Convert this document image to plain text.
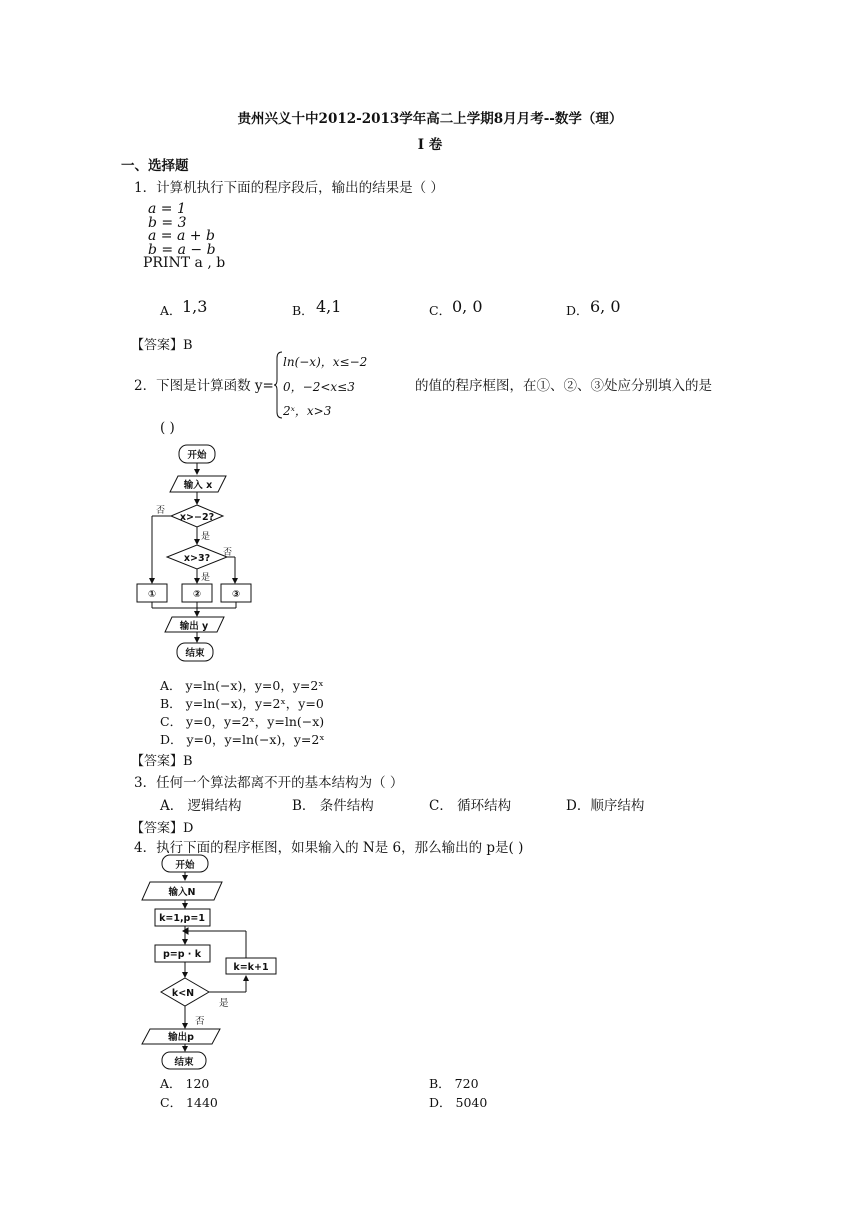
贵州兴义十中2012-2013学年高二上学期8月月考--数学（理）
I 卷
一、选择题
1．计算机执行下面的程序段后，输出的结果是（ ）
a = 1
b = 3
a = a + b
b = a − b
PRINT a , b
A． 1,3	B． 4,1	C． 0, 0	D． 6, 0
【答案】B
2．下图是计算函数 y=
ln(−x)，x≤−2
0，−2<x≤3
2ˣ，x>3
的值的程序框图，在①、②、③处应分别填入的是
( )
开始
输入 x
x>−2?
x>3?
①	②	③
输出 y
结束
否
是
否
是
A． y=ln(−x)，y=0，y=2ˣ
B． y=ln(−x)，y=2ˣ，y=0
C． y=0，y=2ˣ，y=ln(−x)
D． y=0，y=ln(−x)，y=2ˣ
【答案】B
3．任何一个算法都离不开的基本结构为（ ）
A． 逻辑结构	B． 条件结构	C． 循环结构	D．顺序结构
【答案】D
4．执行下面的程序框图，如果输入的 N是 6，那么输出的 p是( )
开始
输入N
k=1,p=1
p=p · k
k=k+1
k<N
输出p
结束
是
否
A． 120	B． 720
C． 1440	D． 5040
